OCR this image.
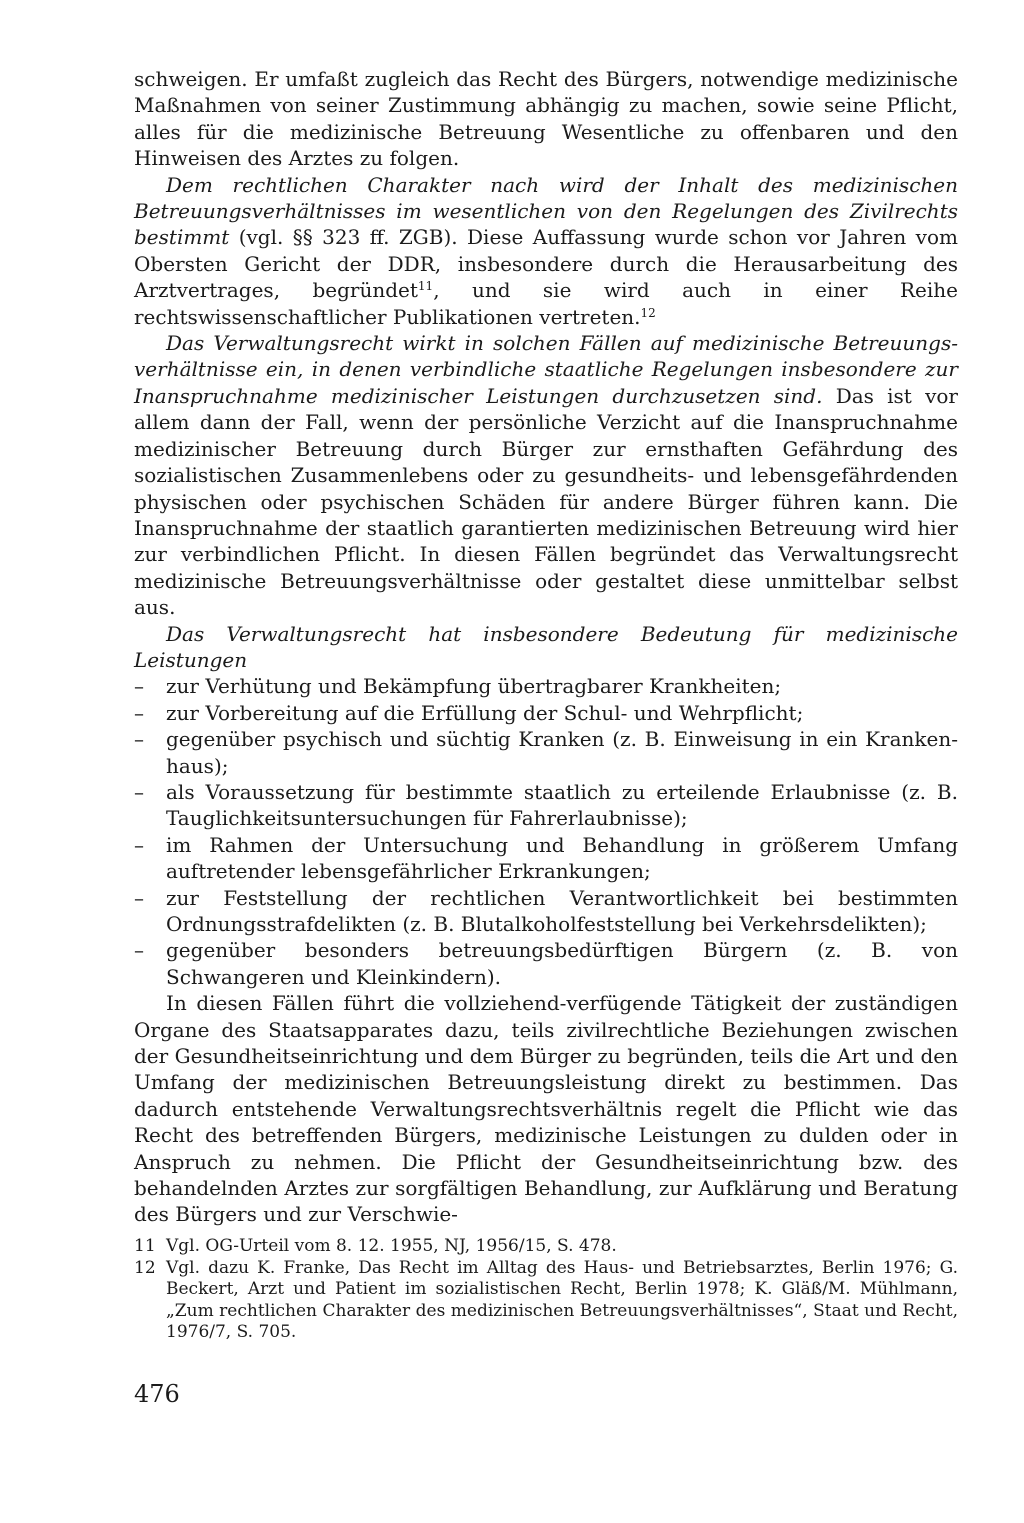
schweigen. Er umfaßt zugleich das Recht des Bürgers, notwendige medizinische Maßnahmen von seiner Zustimmung abhängig zu machen, sowie seine Pflicht, alles für die medizinische Betreuung Wesentliche zu offenbaren und den Hinweisen des Arztes zu folgen.

Dem rechtlichen Charakter nach wird der Inhalt des medizinischen Betreuungsverhältnisses im wesentlichen von den Regelungen des Zivilrechts bestimmt (vgl. §§ 323 ff. ZGB). Diese Auffassung wurde schon vor Jahren vom Obersten Gericht der DDR, insbesondere durch die Herausarbeitung des Arztvertrages, begründet$^{11}$, und sie wird auch in einer Reihe rechtswissenschaftlicher Publikationen vertreten.$^{12}$

Das Verwaltungsrecht wirkt in solchen Fällen auf medizinische Betreuungsverhältnisse ein, in denen verbindliche staatliche Regelungen insbesondere zur Inanspruchnahme medizinischer Leistungen durchzusetzen sind. Das ist vor allem dann der Fall, wenn der persönliche Verzicht auf die Inanspruchnahme medizinischer Betreuung durch Bürger zur ernsthaften Gefährdung des sozialistischen Zusammenlebens oder zu gesundheits- und lebensgefährdenden physischen oder psychischen Schäden für andere Bürger führen kann. Die Inanspruchnahme der staatlich garantierten medizinischen Betreuung wird hier zur verbindlichen Pflicht. In diesen Fällen begründet das Verwaltungsrecht medizinische Betreuungsverhältnisse oder gestaltet diese unmittelbar selbst aus.

Das Verwaltungsrecht hat insbesondere Bedeutung für medizinische Leistungen

– zur Verhütung und Bekämpfung übertragbarer Krankheiten;
– zur Vorbereitung auf die Erfüllung der Schul- und Wehrpflicht;
– gegenüber psychisch und süchtig Kranken (z. B. Einweisung in ein Krankenhaus);
– als Voraussetzung für bestimmte staatlich zu erteilende Erlaubnisse (z. B. Tauglichkeitsuntersuchungen für Fahrerlaubnisse);
– im Rahmen der Untersuchung und Behandlung in größerem Umfang auftretender lebensgefährlicher Erkrankungen;
– zur Feststellung der rechtlichen Verantwortlichkeit bei bestimmten Ordnungsstrafdelikten (z. B. Blutalkoholfeststellung bei Verkehrsdelikten);
– gegenüber besonders betreuungsbedürftigen Bürgern (z. B. von Schwangeren und Kleinkindern).

In diesen Fällen führt die vollziehend-verfügende Tätigkeit der zuständigen Organe des Staatsapparates dazu, teils zivilrechtliche Beziehungen zwischen der Gesundheitseinrichtung und dem Bürger zu begründen, teils die Art und den Umfang der medizinischen Betreuungsleistung direkt zu bestimmen. Das dadurch entstehende Verwaltungsrechtsverhältnis regelt die Pflicht wie das Recht des betreffenden Bürgers, medizinische Leistungen zu dulden oder in Anspruch zu nehmen. Die Pflicht der Gesundheitseinrichtung bzw. des behandelnden Arztes zur sorgfältigen Behandlung, zur Aufklärung und Beratung des Bürgers und zur Verschwie-

11 Vgl. OG-Urteil vom 8. 12. 1955, NJ, 1956/15, S. 478.
12 Vgl. dazu K. Franke, Das Recht im Alltag des Haus- und Betriebsarztes, Berlin 1976; G. Beckert, Arzt und Patient im sozialistischen Recht, Berlin 1978; K. Gläß/M. Mühlmann, „Zum rechtlichen Charakter des medizinischen Betreuungsverhältnisses“, Staat und Recht, 1976/7, S. 705.
476
